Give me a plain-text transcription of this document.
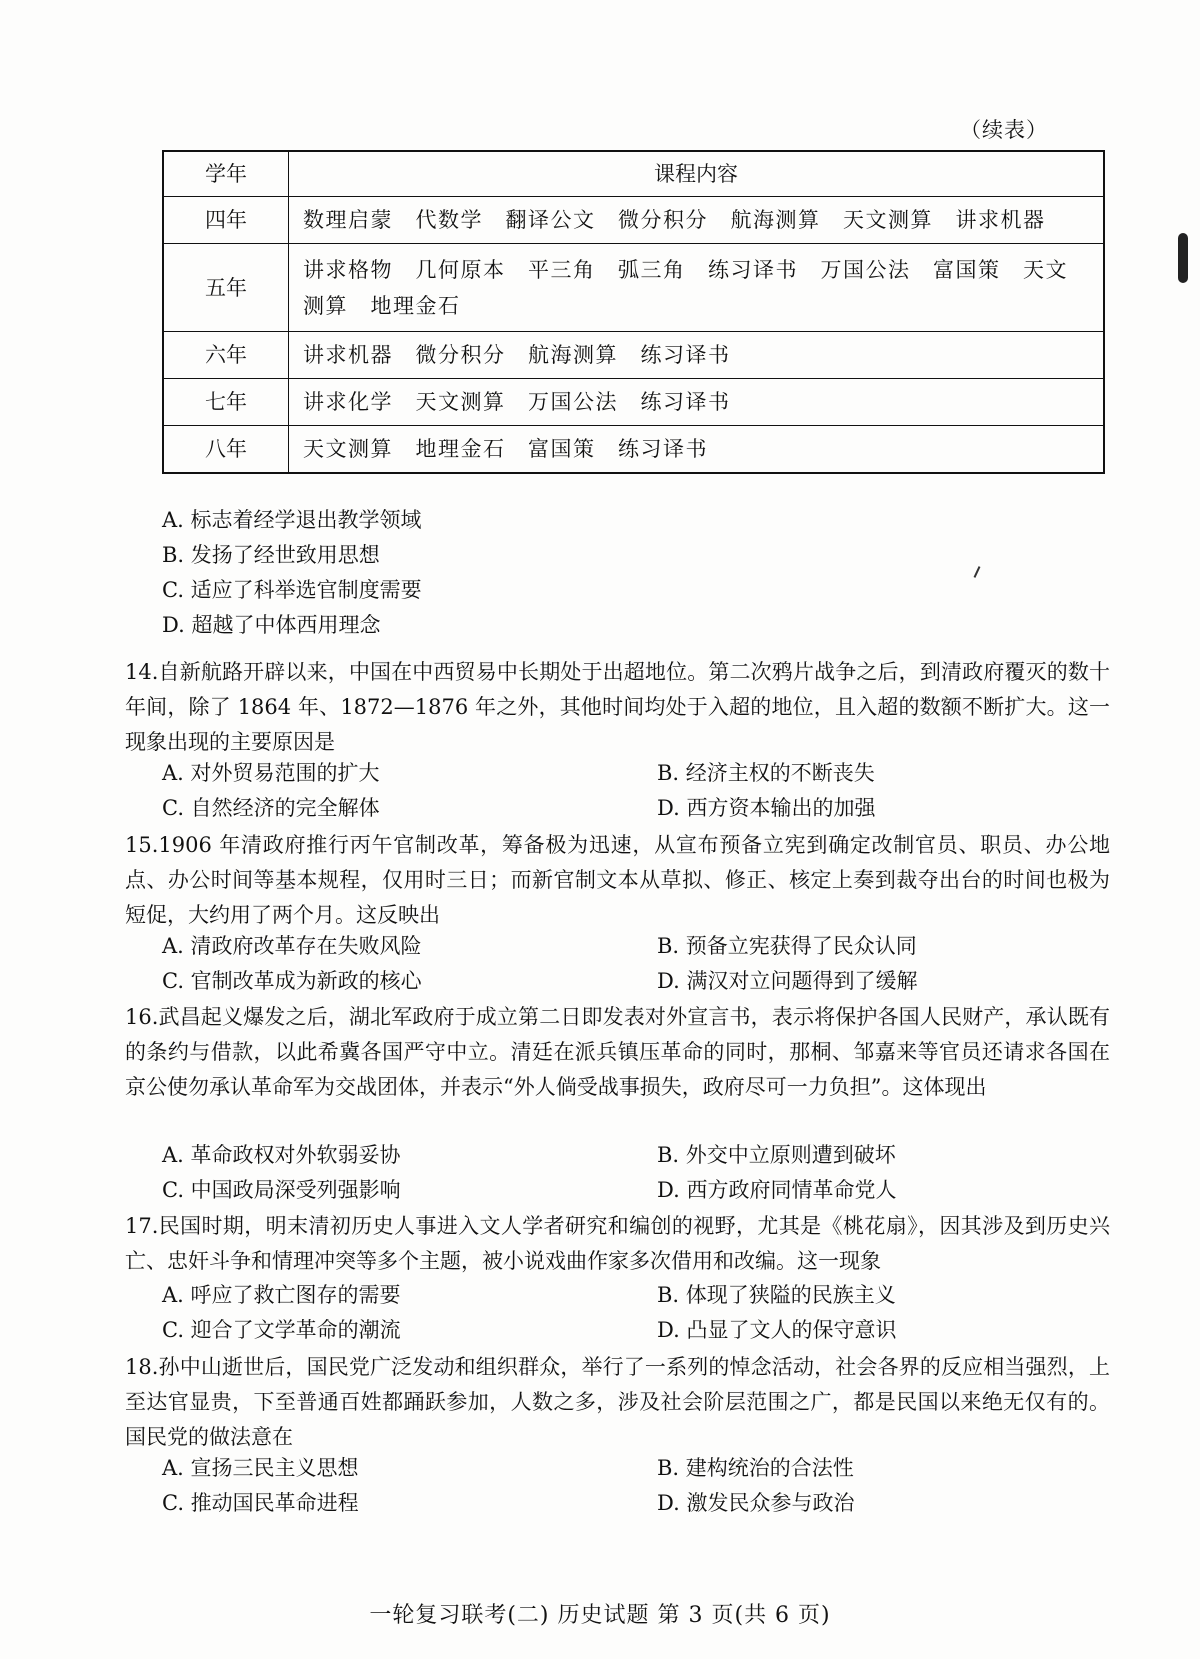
（续表）
学年	课程内容
四年	数理启蒙　代数学　翻译公文　微分积分　航海测算　天文测算　讲求机器
五年	讲求格物　几何原本　平三角　弧三角　练习译书　万国公法　富国策　天文测算　地理金石
六年	讲求机器　微分积分　航海测算　练习译书
七年	讲求化学　天文测算　万国公法　练习译书
八年	天文测算　地理金石　富国策　练习译书
A. 标志着经学退出教学领域
B. 发扬了经世致用思想
C. 适应了科举选官制度需要
D. 超越了中体西用理念
14.自新航路开辟以来，中国在中西贸易中长期处于出超地位。第二次鸦片战争之后，到清政府覆灭的数十年间，除了 1864 年、1872—1876 年之外，其他时间均处于入超的地位，且入超的数额不断扩大。这一现象出现的主要原因是
A. 对外贸易范围的扩大	B. 经济主权的不断丧失
C. 自然经济的完全解体	D. 西方资本输出的加强
15.1906 年清政府推行丙午官制改革，筹备极为迅速，从宣布预备立宪到确定改制官员、职员、办公地点、办公时间等基本规程，仅用时三日；而新官制文本从草拟、修正、核定上奏到裁夺出台的时间也极为短促，大约用了两个月。这反映出
A. 清政府改革存在失败风险	B. 预备立宪获得了民众认同
C. 官制改革成为新政的核心	D. 满汉对立问题得到了缓解
16.武昌起义爆发之后，湖北军政府于成立第二日即发表对外宣言书，表示将保护各国人民财产，承认既有的条约与借款，以此希冀各国严守中立。清廷在派兵镇压革命的同时，那桐、邹嘉来等官员还请求各国在京公使勿承认革命军为交战团体，并表示“外人倘受战事损失，政府尽可一力负担”。这体现出
A. 革命政权对外软弱妥协	B. 外交中立原则遭到破坏
C. 中国政局深受列强影响	D. 西方政府同情革命党人
17.民国时期，明末清初历史人事进入文人学者研究和编创的视野，尤其是《桃花扇》，因其涉及到历史兴亡、忠奸斗争和情理冲突等多个主题，被小说戏曲作家多次借用和改编。这一现象
A. 呼应了救亡图存的需要	B. 体现了狭隘的民族主义
C. 迎合了文学革命的潮流	D. 凸显了文人的保守意识
18.孙中山逝世后，国民党广泛发动和组织群众，举行了一系列的悼念活动，社会各界的反应相当强烈，上至达官显贵，下至普通百姓都踊跃参加，人数之多，涉及社会阶层范围之广，都是民国以来绝无仅有的。国民党的做法意在
A. 宣扬三民主义思想	B. 建构统治的合法性
C. 推动国民革命进程	D. 激发民众参与政治
一轮复习联考(二) 历史试题 第 3 页(共 6 页)
